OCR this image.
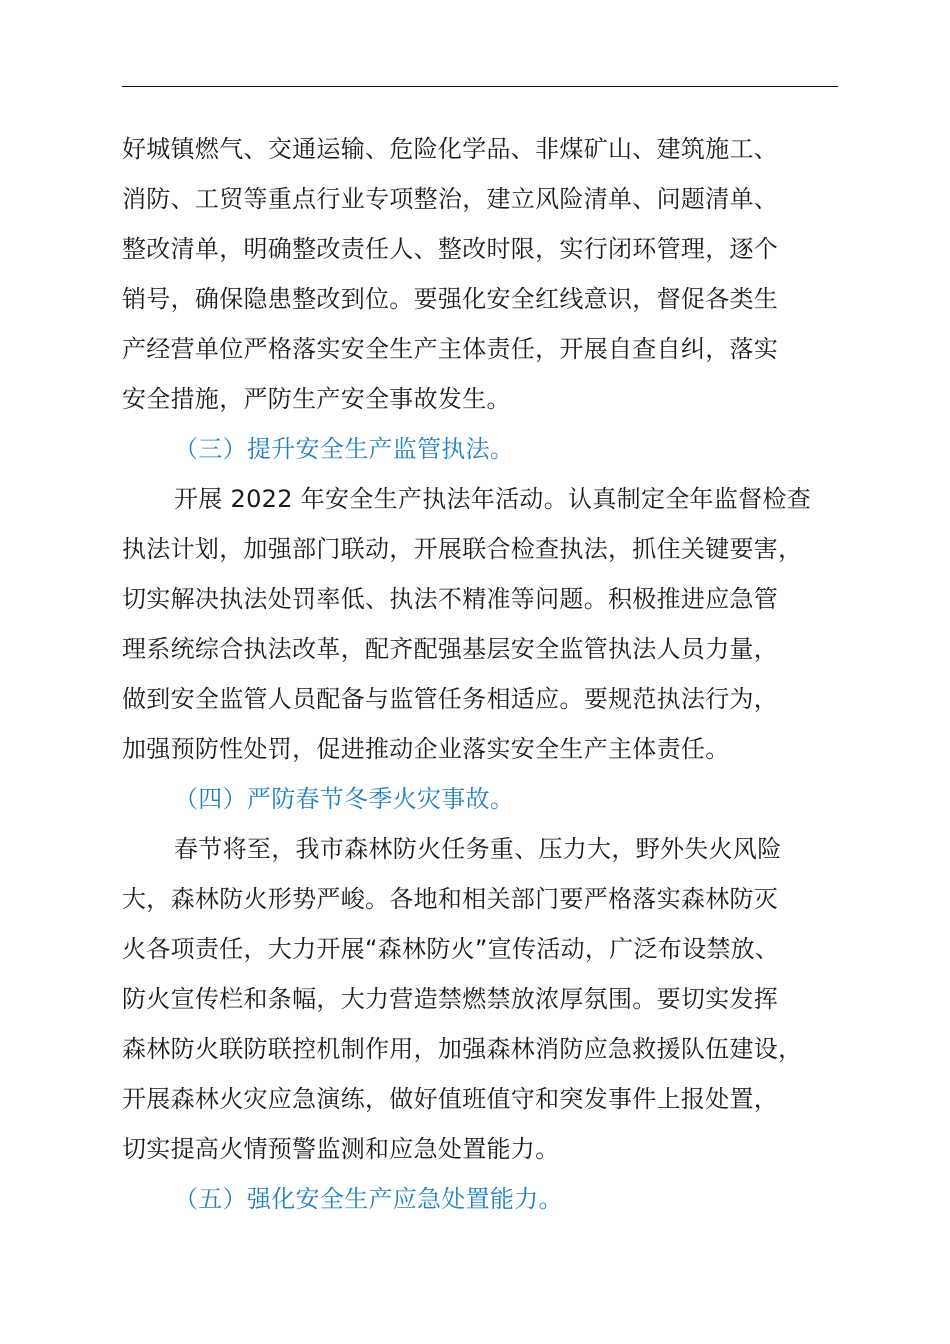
好城镇燃气、交通运输、危险化学品、非煤矿山、建筑施工、
消防、工贸等重点行业专项整治，建立风险清单、问题清单、
整改清单，明确整改责任人、整改时限，实行闭环管理，逐个
销号，确保隐患整改到位。要强化安全红线意识，督促各类生
产经营单位严格落实安全生产主体责任，开展自查自纠，落实
安全措施，严防生产安全事故发生。
（三）提升安全生产监管执法。
开展 2022 年安全生产执法年活动。认真制定全年监督检查
执法计划，加强部门联动，开展联合检查执法，抓住关键要害，
切实解决执法处罚率低、执法不精准等问题。积极推进应急管
理系统综合执法改革，配齐配强基层安全监管执法人员力量，
做到安全监管人员配备与监管任务相适应。要规范执法行为，
加强预防性处罚，促进推动企业落实安全生产主体责任。
（四）严防春节冬季火灾事故。
春节将至，我市森林防火任务重、压力大，野外失火风险
大，森林防火形势严峻。各地和相关部门要严格落实森林防灭
火各项责任，大力开展“森林防火”宣传活动，广泛布设禁放、
防火宣传栏和条幅，大力营造禁燃禁放浓厚氛围。要切实发挥
森林防火联防联控机制作用，加强森林消防应急救援队伍建设，
开展森林火灾应急演练，做好值班值守和突发事件上报处置，
切实提高火情预警监测和应急处置能力。
（五）强化安全生产应急处置能力。
